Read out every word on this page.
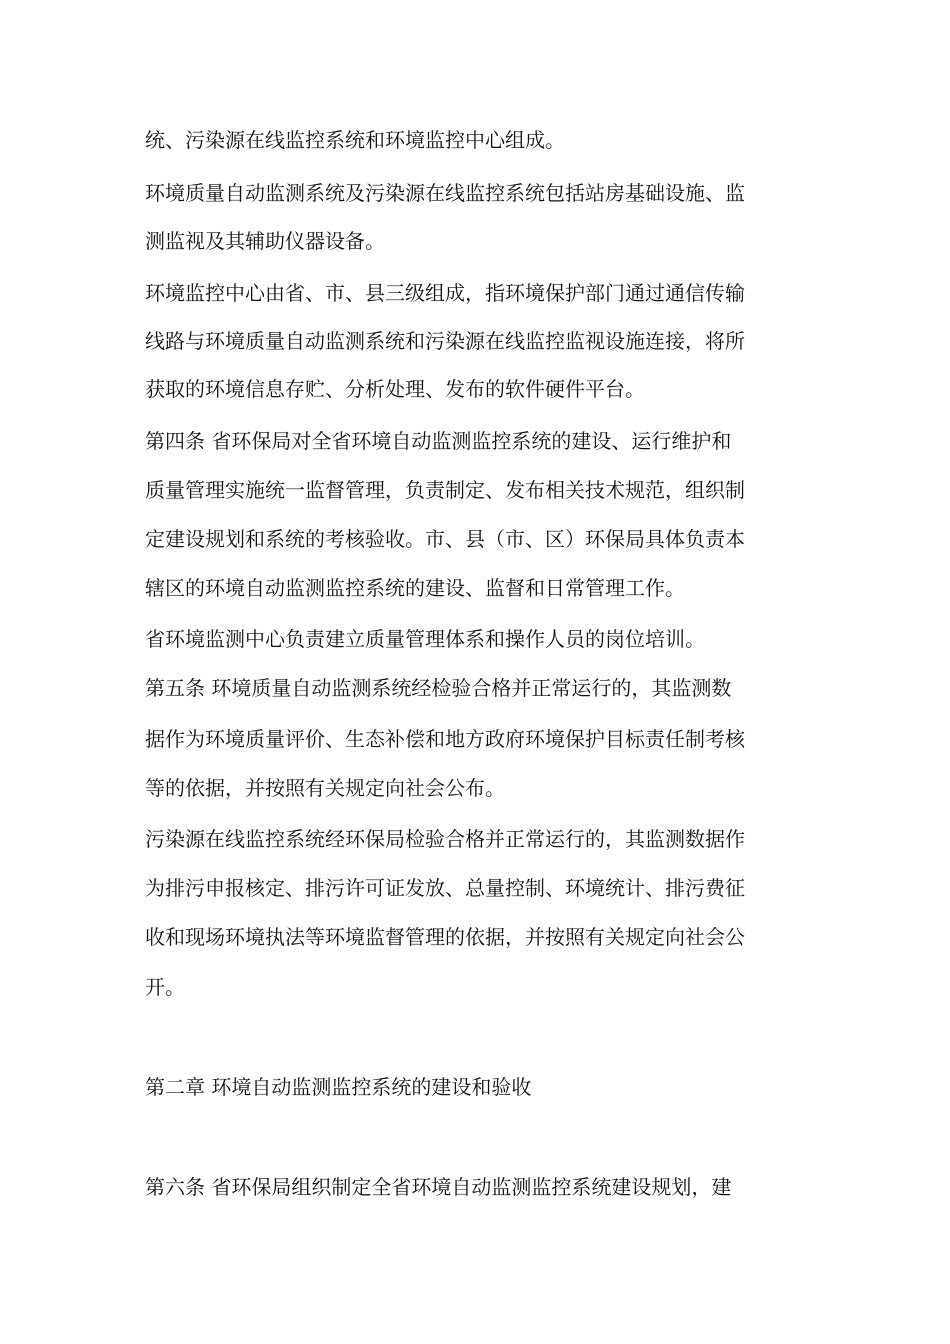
统、污染源在线监控系统和环境监控中心组成。
环境质量自动监测系统及污染源在线监控系统包括站房基础设施、监
测监视及其辅助仪器设备。
环境监控中心由省、市、县三级组成，指环境保护部门通过通信传输
线路与环境质量自动监测系统和污染源在线监控监视设施连接，将所
获取的环境信息存贮、分析处理、发布的软件硬件平台。
第四条 省环保局对全省环境自动监测监控系统的建设、运行维护和
质量管理实施统一监督管理，负责制定、发布相关技术规范，组织制
定建设规划和系统的考核验收。市、县（市、区）环保局具体负责本
辖区的环境自动监测监控系统的建设、监督和日常管理工作。
省环境监测中心负责建立质量管理体系和操作人员的岗位培训。
第五条 环境质量自动监测系统经检验合格并正常运行的，其监测数
据作为环境质量评价、生态补偿和地方政府环境保护目标责任制考核
等的依据，并按照有关规定向社会公布。
污染源在线监控系统经环保局检验合格并正常运行的，其监测数据作
为排污申报核定、排污许可证发放、总量控制、环境统计、排污费征
收和现场环境执法等环境监督管理的依据，并按照有关规定向社会公
开。
第二章 环境自动监测监控系统的建设和验收
第六条 省环保局组织制定全省环境自动监测监控系统建设规划，建
